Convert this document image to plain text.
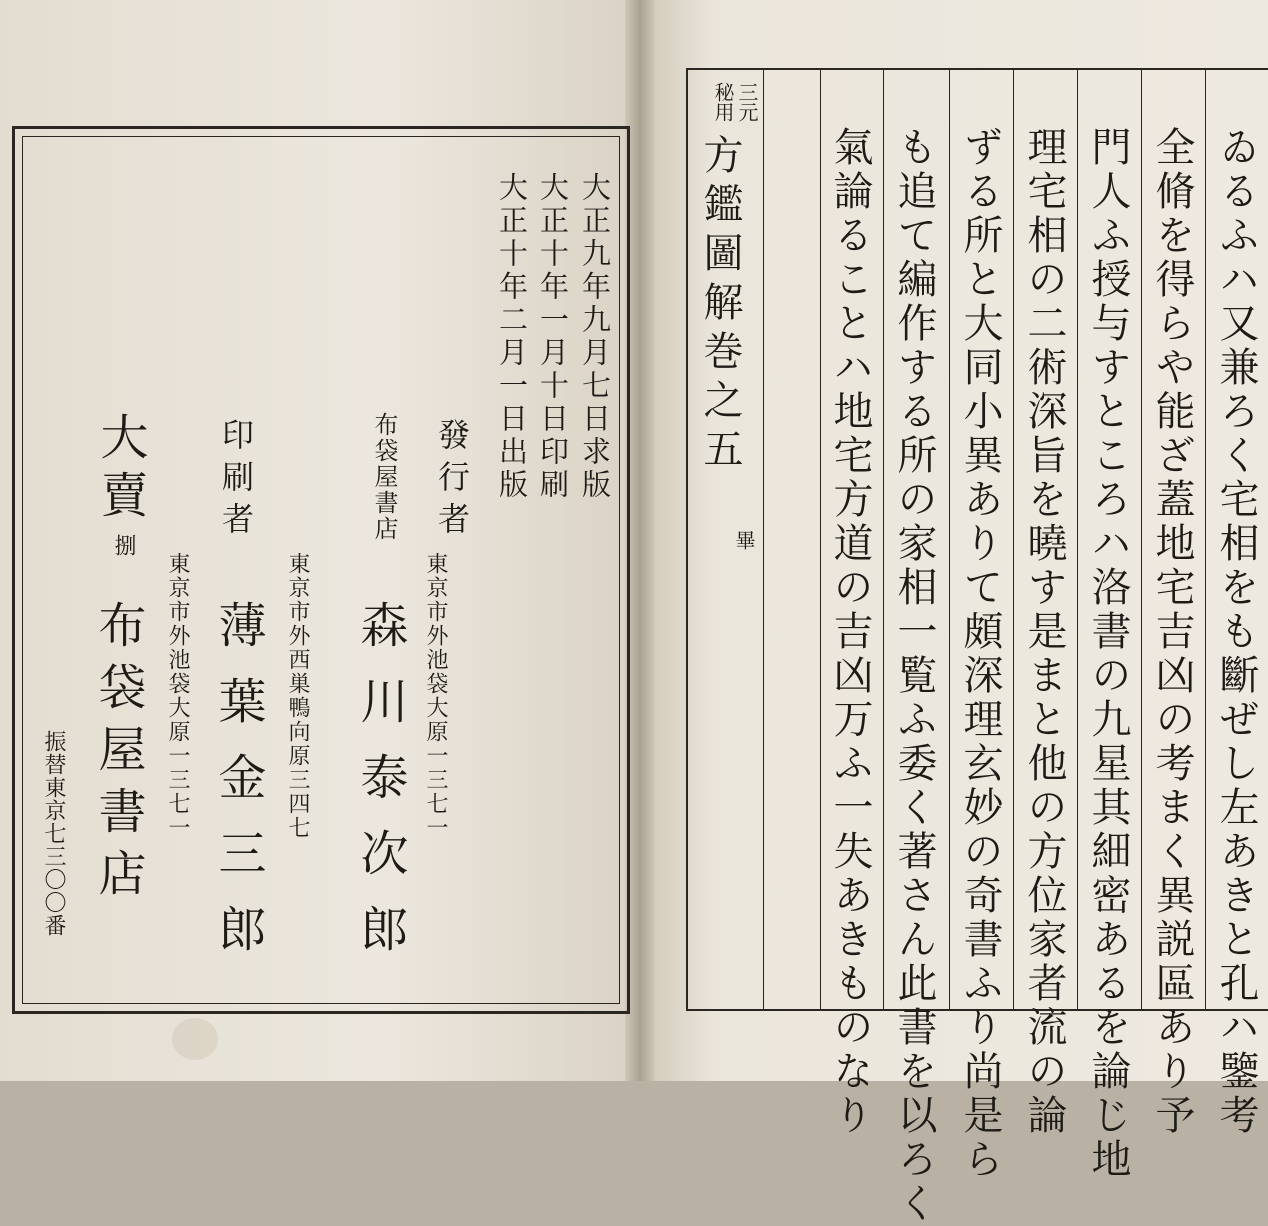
大正九年九月七日求版
大正十年一月十日印刷
大正十年二月一日出版
發行者
東京市外池袋大原一三七一
森川泰次郎
布袋屋書店
印刷者
東京市外西巣鴨向原三四七
薄葉金三郎
大賣
捌
東京市外池袋大原一三七一
布袋屋書店
振替東京七三〇〇番

三元
秘用
方鑑圖解巻之五
畢 氣論ることハ地宅方道の吉凶万ふ一失あきものなり も追て編作する所の家相一覧ふ委く著さん此書を以ろく ずる所と大同小異ありて頗深理玄妙の奇書ふり尚是ら 理宅相の二術深旨を曉す是まと他の方位家者流の論 門人ふ授与すところハ洛書の九星其細密あるを論じ地 全脩を得らや能ざ蓋地宅吉凶の考まく異説區あり予 ゐるふハ又兼ろく宅相をも斷ぜし左あきと孔ハ鑒考
